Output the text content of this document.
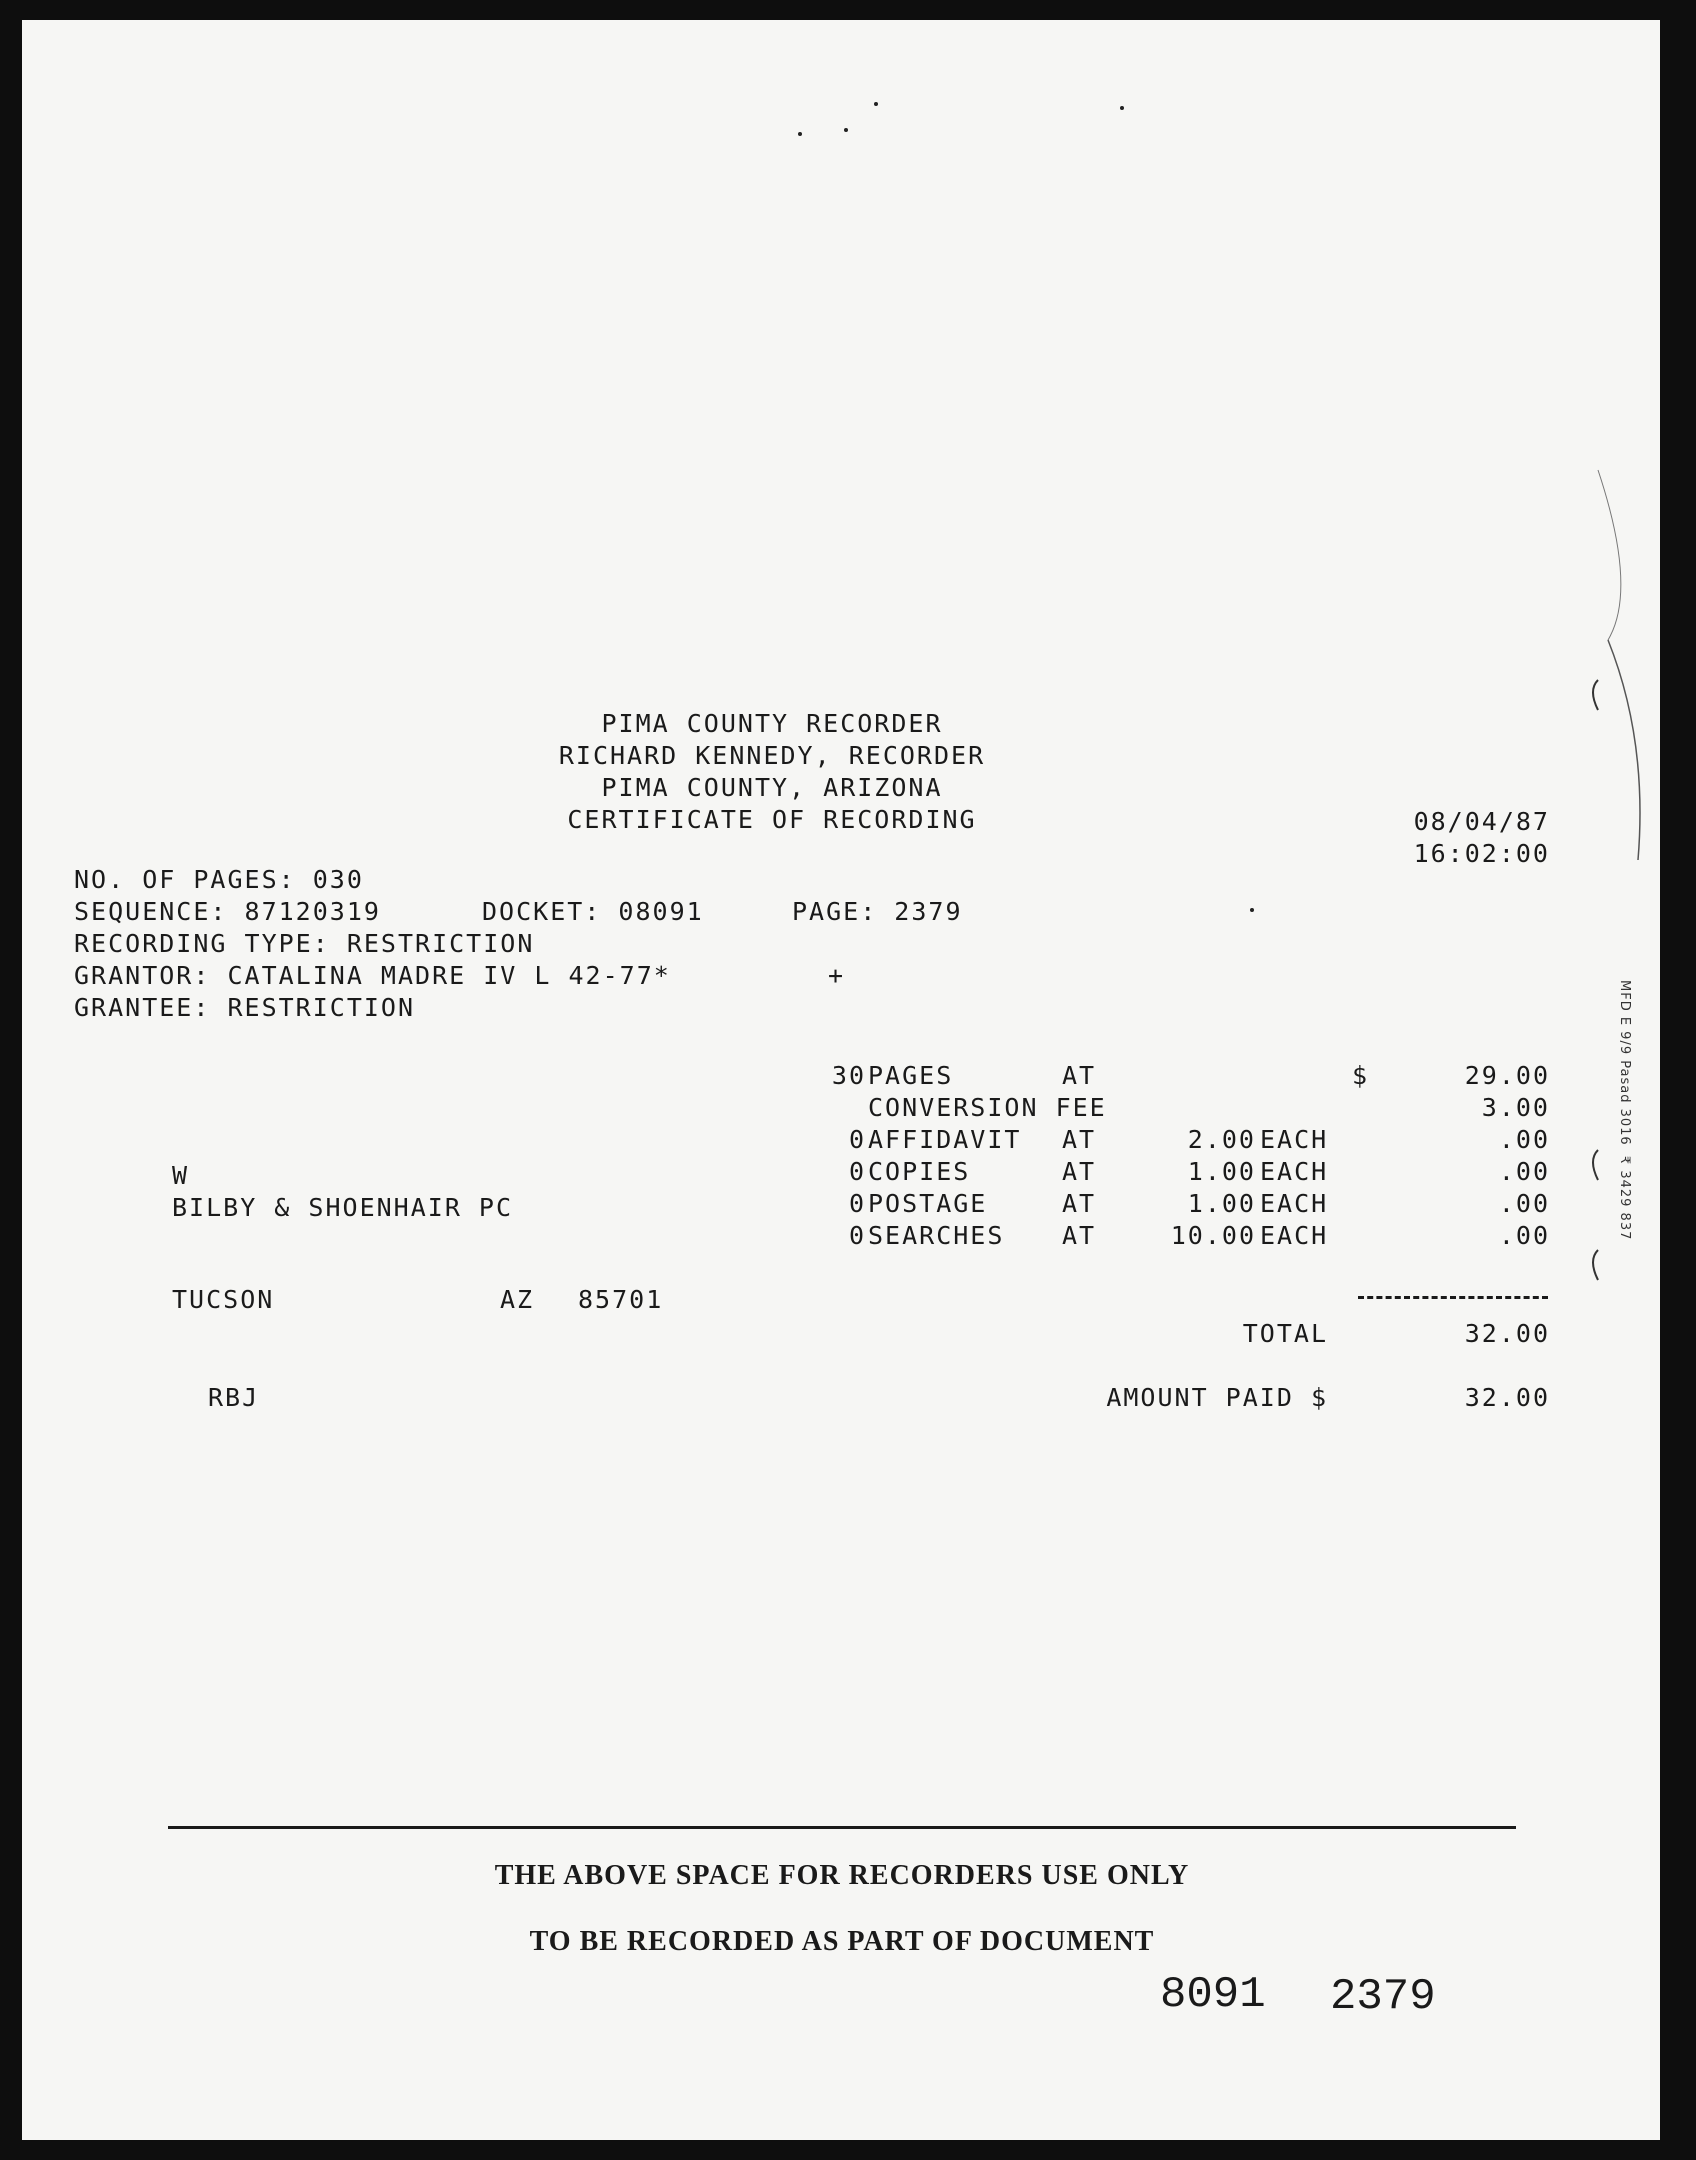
PIMA COUNTY RECORDER
RICHARD KENNEDY, RECORDER
PIMA COUNTY, ARIZONA
CERTIFICATE OF RECORDING	08/04/87
16:02:00
NO. OF PAGES: 030
SEQUENCE: 87120319	DOCKET: 08091	PAGE: 2379
RECORDING TYPE: RESTRICTION
GRANTOR: CATALINA MADRE IV L 42-77*	+
GRANTEE: RESTRICTION
W
BILBY & SHOENHAIR PC
TUCSON	AZ 85701
RBJ
30 PAGES	AT	$	29.00
CONVERSION FEE	3.00
0 AFFIDAVIT AT	2.00 EACH	.00
0 COPIES	AT	1.00 EACH	.00
0 POSTAGE	AT	1.00 EACH	.00
0 SEARCHES AT	10.00 EACH	.00
TOTAL	32.00
AMOUNT PAID $	32.00
THE ABOVE SPACE FOR RECORDERS USE ONLY
TO BE RECORDED AS PART OF DOCUMENT
8091 2379
MFD E 9/9 Pasad 3016  ₹ 3429 837
